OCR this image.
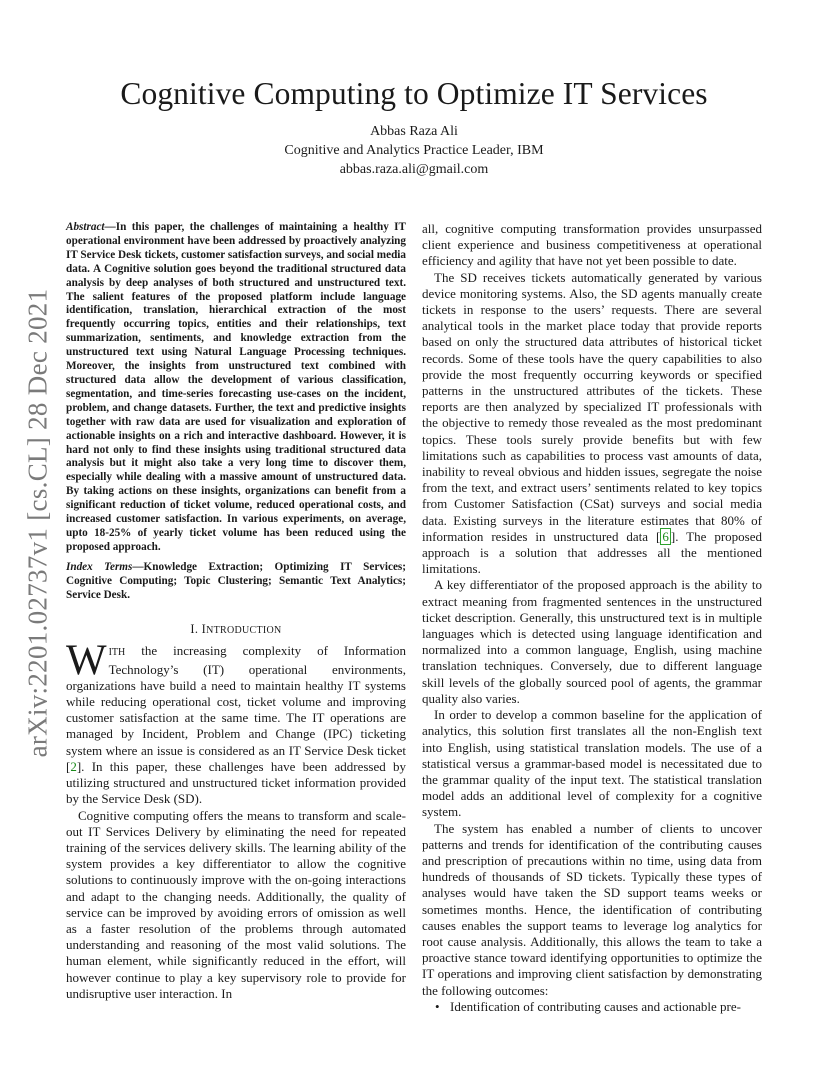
arXiv:2201.02737v1 [cs.CL] 28 Dec 2021
Cognitive Computing to Optimize IT Services
Abbas Raza Ali
Cognitive and Analytics Practice Leader, IBM
abbas.raza.ali@gmail.com

Abstract—In this paper, the challenges of maintaining a healthy IT operational environment have been addressed by proactively analyzing IT Service Desk tickets, customer satisfaction surveys, and social media data. A Cognitive solution goes beyond the traditional structured data analysis by deep analyses of both structured and unstructured text. The salient features of the proposed platform include language identification, translation, hierarchical extraction of the most frequently occurring topics, entities and their relationships, text summarization, sentiments, and knowledge extraction from the unstructured text using Natural Language Processing techniques. Moreover, the insights from unstructured text combined with structured data allow the development of various classification, segmentation, and time-series forecasting use-cases on the incident, problem, and change datasets. Further, the text and predictive insights together with raw data are used for visualization and exploration of actionable insights on a rich and interactive dashboard. However, it is hard not only to find these insights using traditional structured data analysis but it might also take a very long time to discover them, especially while dealing with a massive amount of unstructured data. By taking actions on these insights, organizations can benefit from a significant reduction of ticket volume, reduced operational costs, and increased customer satisfaction. In various experiments, on average, upto 18-25% of yearly ticket volume has been reduced using the proposed approach.

Index Terms—Knowledge Extraction; Optimizing IT Services; Cognitive Computing; Topic Clustering; Semantic Text Analytics; Service Desk.

I. INTRODUCTION

WITH the increasing complexity of Information Technology’s (IT) operational environments, organizations have build a need to maintain healthy IT systems while reducing operational cost, ticket volume and improving customer satisfaction at the same time. The IT operations are managed by Incident, Problem and Change (IPC) ticketing system where an issue is considered as an IT Service Desk ticket [2]. In this paper, these challenges have been addressed by utilizing structured and unstructured ticket information provided by the Service Desk (SD).

Cognitive computing offers the means to transform and scale-out IT Services Delivery by eliminating the need for repeated training of the services delivery skills. The learning ability of the system provides a key differentiator to allow the cognitive solutions to continuously improve with the on-going interactions and adapt to the changing needs. Additionally, the quality of service can be improved by avoiding errors of omission as well as a faster resolution of the problems through automated understanding and reasoning of the most valid solutions. The human element, while significantly reduced in the effort, will however continue to play a key supervisory role to provide for undisruptive user interaction. In

all, cognitive computing transformation provides unsurpassed client experience and business competitiveness at operational efficiency and agility that have not yet been possible to date.

The SD receives tickets automatically generated by various device monitoring systems. Also, the SD agents manually create tickets in response to the users’ requests. There are several analytical tools in the market place today that provide reports based on only the structured data attributes of historical ticket records. Some of these tools have the query capabilities to also provide the most frequently occurring keywords or specified patterns in the unstructured attributes of the tickets. These reports are then analyzed by specialized IT professionals with the objective to remedy those revealed as the most predominant topics. These tools surely provide benefits but with few limitations such as capabilities to process vast amounts of data, inability to reveal obvious and hidden issues, segregate the noise from the text, and extract users’ sentiments related to key topics from Customer Satisfaction (CSat) surveys and social media data. Existing surveys in the literature estimates that 80% of information resides in unstructured data [ 6 ]. The proposed approach is a solution that addresses all the mentioned limitations.

A key differentiator of the proposed approach is the ability to extract meaning from fragmented sentences in the unstructured ticket description. Generally, this unstructured text is in multiple languages which is detected using language identification and normalized into a common language, English, using machine translation techniques. Conversely, due to different language skill levels of the globally sourced pool of agents, the grammar quality also varies.

In order to develop a common baseline for the application of analytics, this solution first translates all the non-English text into English, using statistical translation models. The use of a statistical versus a grammar-based model is necessitated due to the grammar quality of the input text. The statistical translation model adds an additional level of complexity for a cognitive system.

The system has enabled a number of clients to uncover patterns and trends for identification of the contributing causes and prescription of precautions within no time, using data from hundreds of thousands of SD tickets. Typically these types of analyses would have taken the SD support teams weeks or sometimes months. Hence, the identification of contributing causes enables the support teams to leverage log analytics for root cause analysis. Additionally, this allows the team to take a proactive stance toward identifying opportunities to optimize the IT operations and improving client satisfaction by demonstrating the following outcomes:

• Identification of contributing causes and actionable pre-
